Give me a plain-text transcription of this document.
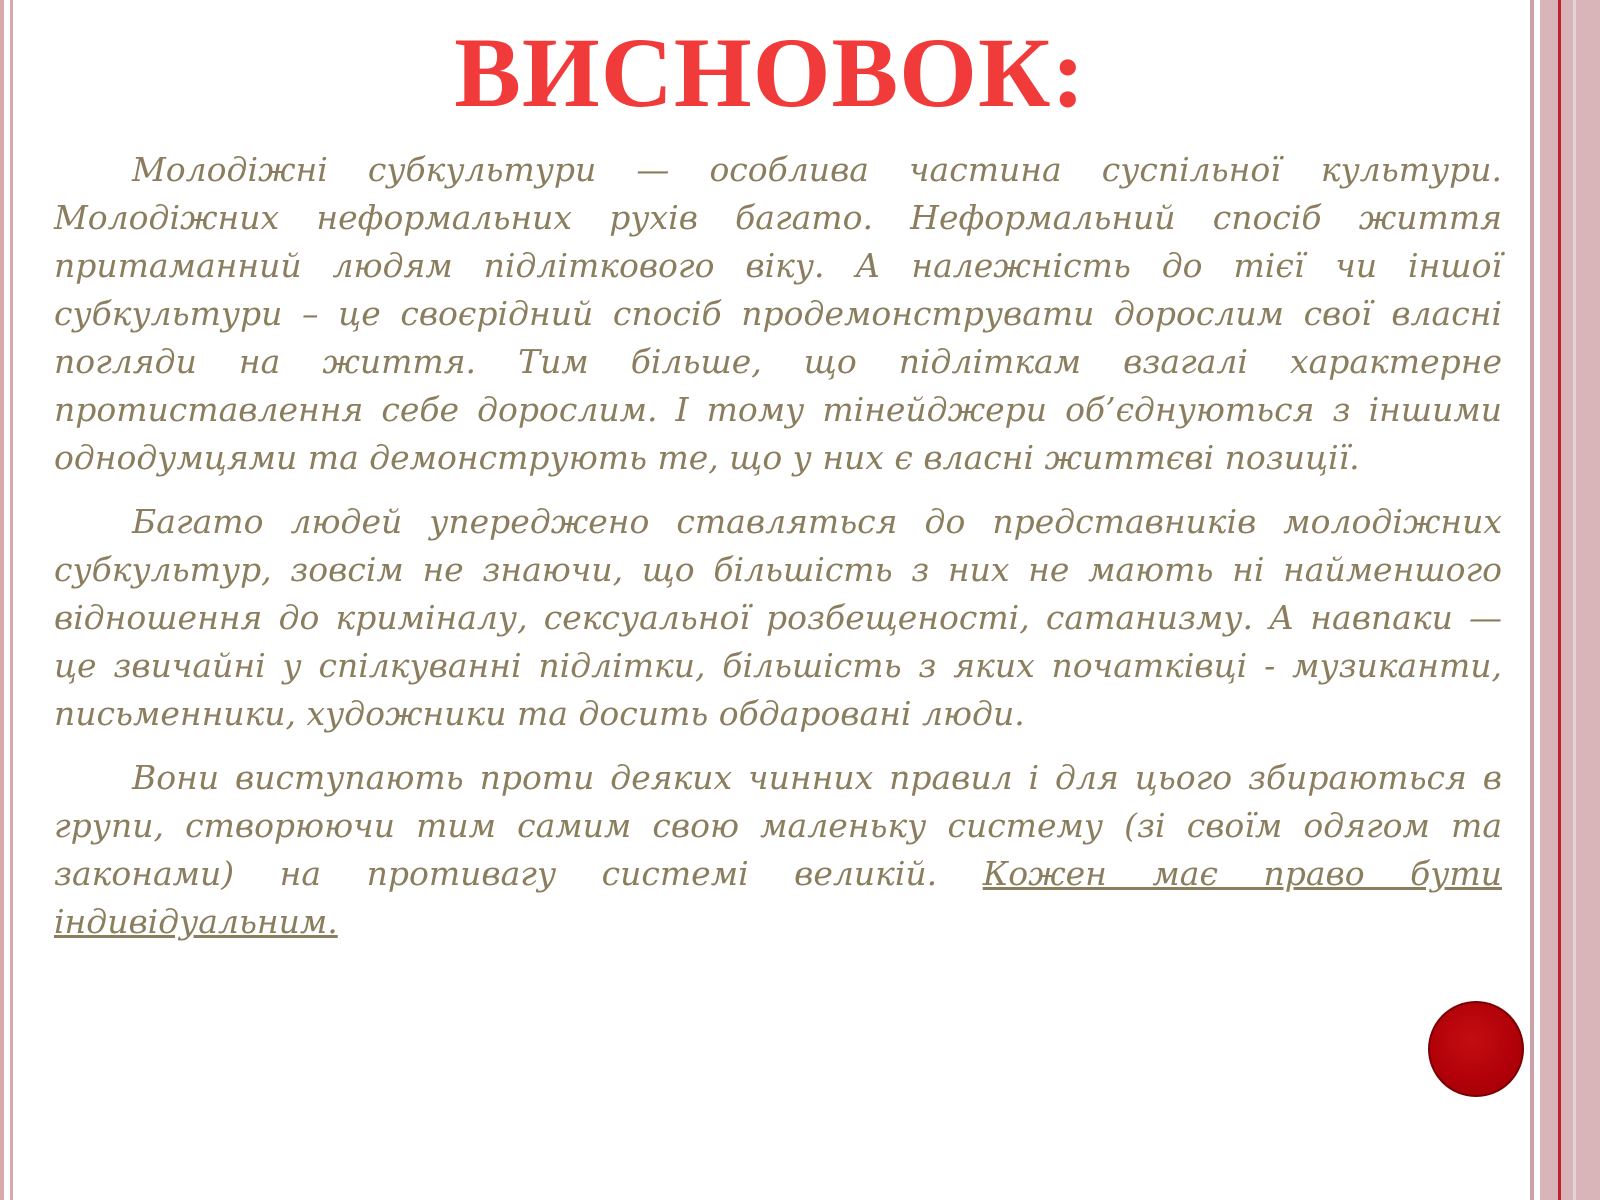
ВИСНОВОК:

Молодіжні субкультури — особлива частина суспільної культури. Молодіжних неформальних рухів багато. Неформальний спосіб життя притаманний людям підліткового віку. А належність до тієї чи іншої субкультури – це своєрідний спосіб продемонструвати дорослим свої власні погляди на життя. Тим більше, що підліткам взагалі характерне протиставлення себе дорослим. І тому тінейджери об’єднуються з іншими однодумцями та демонструють те, що у них є власні життєві позиції.

Багато людей упереджено ставляться до представників молодіжних субкультур, зовсім не знаючи, що більшість з них не мають ні найменшого відношення до криміналу, сексуальної розбещеності, сатанизму. А навпаки — це звичайні у спілкуванні підлітки, більшість з яких початківці - музиканти, письменники, художники та досить обдаровані люди.

Вони виступають проти деяких чинних правил і для цього збираються в групи, створюючи тим самим свою маленьку систему (зі своїм одягом та законами) на противагу системі великій. Кожен має право бути індивідуальним.
